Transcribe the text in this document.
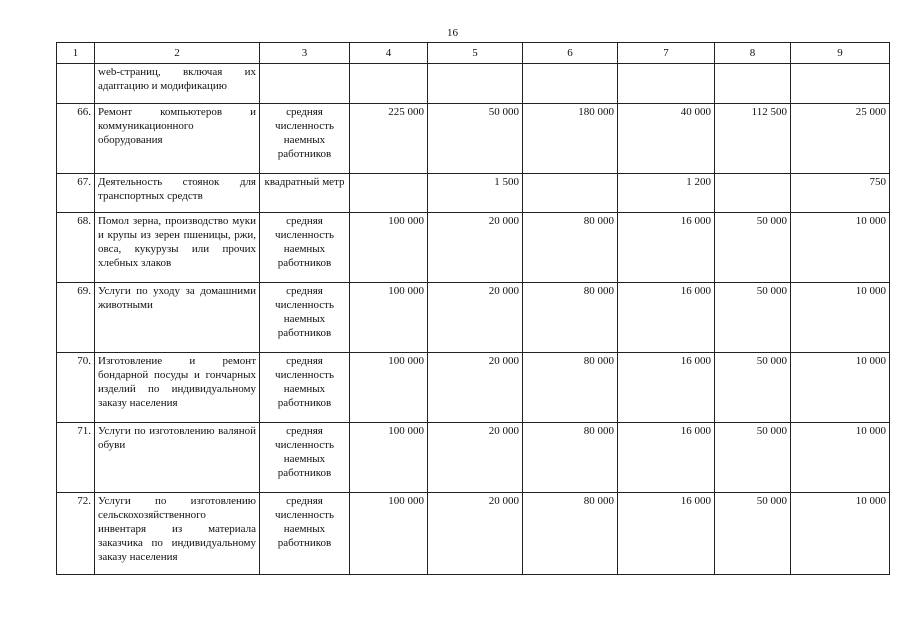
16
1	2	3	4	5	6	7	8	9
	web-страниц, включая их адаптацию и модификацию							
66.	Ремонт компьютеров и коммуникационного оборудования	средняя численность наемных работников	225 000	50 000	180 000	40 000	112 500	25 000
67.	Деятельность стоянок для транспортных средств	квадратный метр		1 500		1 200		750
68.	Помол зерна, производство муки и крупы из зерен пшеницы, ржи, овса, кукурузы или прочих хлебных злаков	средняя численность наемных работников	100 000	20 000	80 000	16 000	50 000	10 000
69.	Услуги по уходу за домашними животными	средняя численность наемных работников	100 000	20 000	80 000	16 000	50 000	10 000
70.	Изготовление и ремонт бондарной посуды и гончарных изделий по индивидуальному заказу населения	средняя численность наемных работников	100 000	20 000	80 000	16 000	50 000	10 000
71.	Услуги по изготовлению валяной обуви	средняя численность наемных работников	100 000	20 000	80 000	16 000	50 000	10 000
72.	Услуги по изготовлению сельскохозяйственного инвентаря из материала заказчика по индивидуальному заказу населения	средняя численность наемных работников	100 000	20 000	80 000	16 000	50 000	10 000
